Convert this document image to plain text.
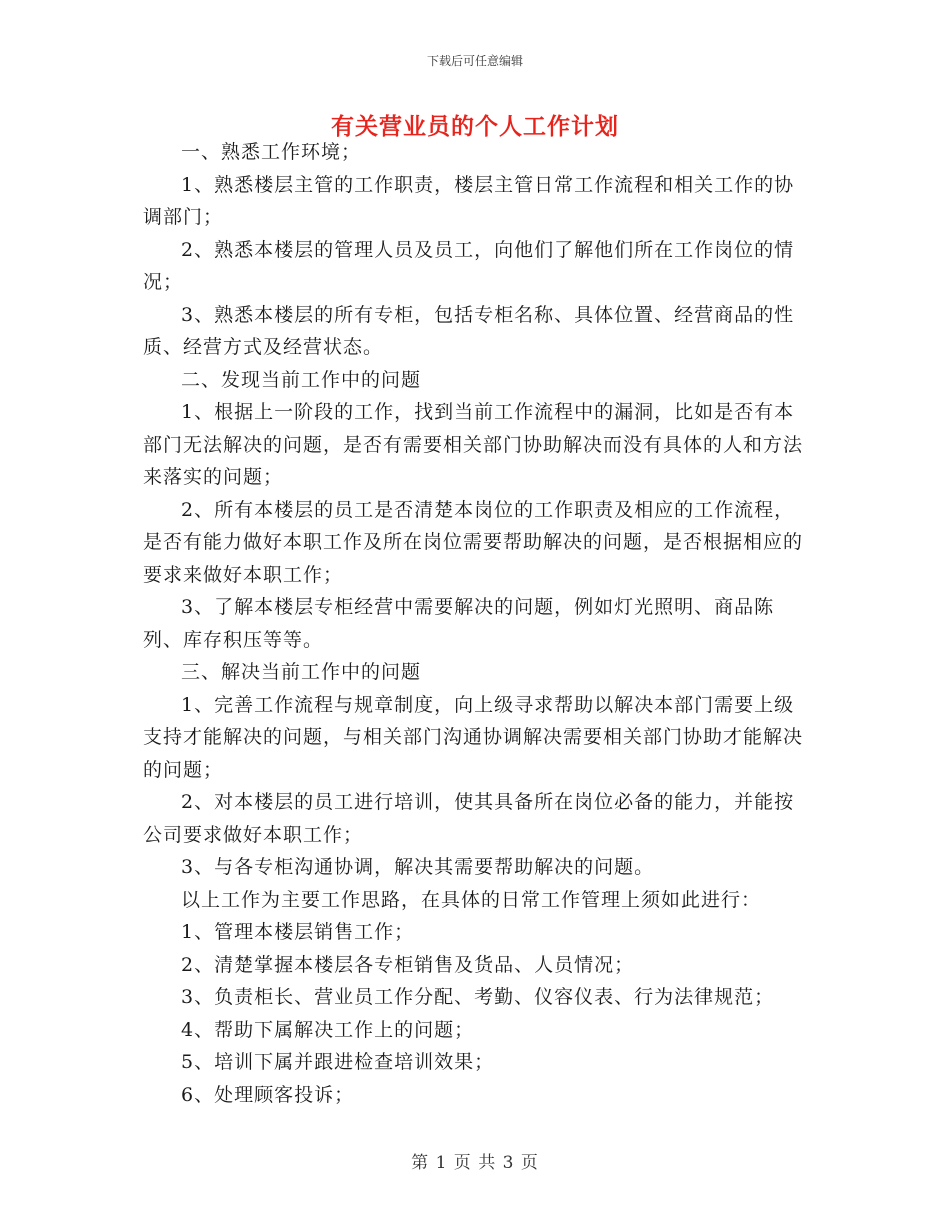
下载后可任意编辑
有关营业员的个人工作计划

一、熟悉工作环境；

1、熟悉楼层主管的工作职责，楼层主管日常工作流程和相关工作的协调部门；

2、熟悉本楼层的管理人员及员工，向他们了解他们所在工作岗位的情况；

3、熟悉本楼层的所有专柜，包括专柜名称、具体位置、经营商品的性质、经营方式及经营状态。

二、发现当前工作中的问题

1、根据上一阶段的工作，找到当前工作流程中的漏洞，比如是否有本部门无法解决的问题，是否有需要相关部门协助解决而没有具体的人和方法来落实的问题；

2、所有本楼层的员工是否清楚本岗位的工作职责及相应的工作流程，是否有能力做好本职工作及所在岗位需要帮助解决的问题，是否根据相应的要求来做好本职工作；

3、了解本楼层专柜经营中需要解决的问题，例如灯光照明、商品陈列、库存积压等等。

三、解决当前工作中的问题

1、完善工作流程与规章制度，向上级寻求帮助以解决本部门需要上级支持才能解决的问题，与相关部门沟通协调解决需要相关部门协助才能解决的问题；

2、对本楼层的员工进行培训，使其具备所在岗位必备的能力，并能按公司要求做好本职工作；

3、与各专柜沟通协调，解决其需要帮助解决的问题。

以上工作为主要工作思路，在具体的日常工作管理上须如此进行：

1、管理本楼层销售工作；

2、清楚掌握本楼层各专柜销售及货品、人员情况；

3、负责柜长、营业员工作分配、考勤、仪容仪表、行为法律规范；

4、帮助下属解决工作上的问题；

5、培训下属并跟进检查培训效果；

6、处理顾客投诉；

第 1 页 共 3 页
